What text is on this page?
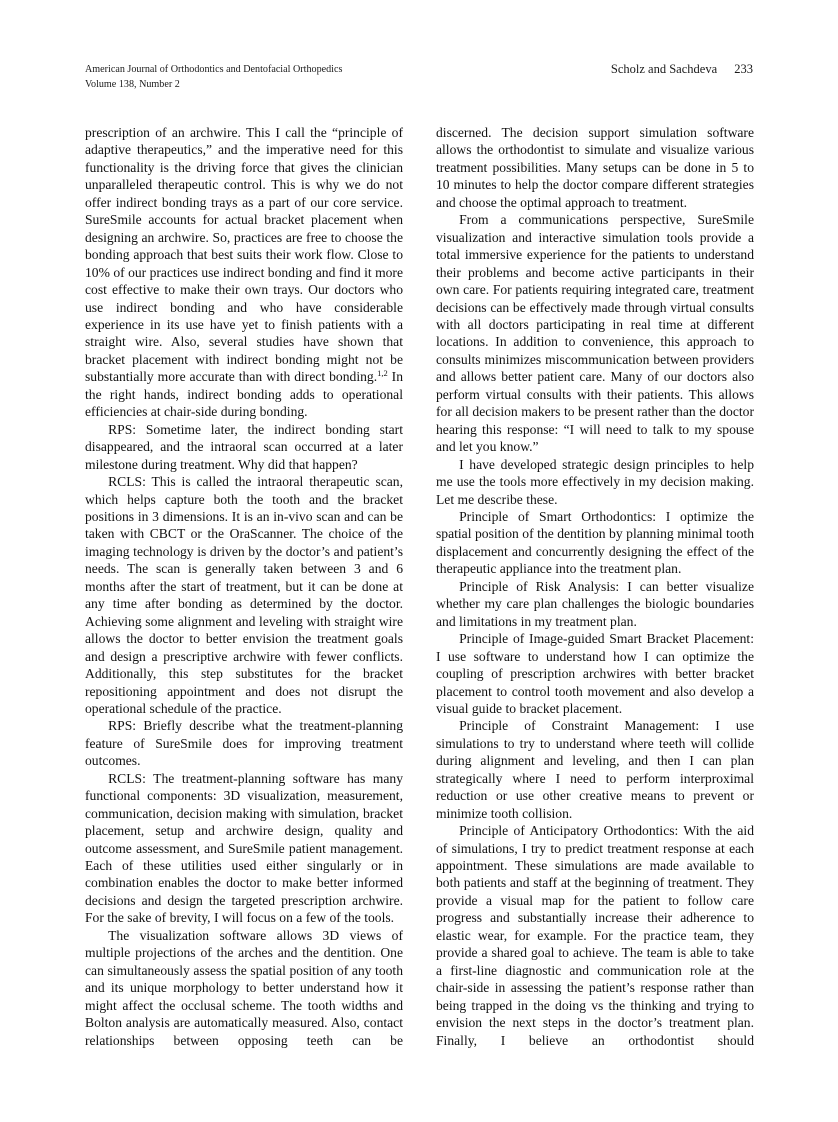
American Journal of Orthodontics and Dentofacial Orthopedics
Volume 138, Number 2
Scholz and Sachdeva 233

prescription of an archwire. This I call the “principle of adaptive therapeutics,” and the imperative need for this functionality is the driving force that gives the clinician unparalleled therapeutic control. This is why we do not offer indirect bonding trays as a part of our core service. SureSmile accounts for actual bracket placement when designing an archwire. So, practices are free to choose the bonding approach that best suits their work flow. Close to 10% of our practices use indirect bonding and find it more cost effective to make their own trays. Our doctors who use indirect bonding and who have considerable experience in its use have yet to finish patients with a straight wire. Also, several studies have shown that bracket placement with indirect bonding might not be substantially more accurate than with direct bonding.$^{1,2}$ In the right hands, indirect bonding adds to operational efficiencies at chair-side during bonding.

RPS: Sometime later, the indirect bonding start disappeared, and the intraoral scan occurred at a later milestone during treatment. Why did that happen?

RCLS: This is called the intraoral therapeutic scan, which helps capture both the tooth and the bracket positions in 3 dimensions. It is an in-vivo scan and can be taken with CBCT or the OraScanner. The choice of the imaging technology is driven by the doctor’s and patient’s needs. The scan is generally taken between 3 and 6 months after the start of treatment, but it can be done at any time after bonding as determined by the doctor. Achieving some alignment and leveling with straight wire allows the doctor to better envision the treatment goals and design a prescriptive archwire with fewer conflicts. Additionally, this step substitutes for the bracket repositioning appointment and does not disrupt the operational schedule of the practice.

RPS: Briefly describe what the treatment-planning feature of SureSmile does for improving treatment outcomes.

RCLS: The treatment-planning software has many functional components: 3D visualization, measurement, communication, decision making with simulation, bracket placement, setup and archwire design, quality and outcome assessment, and SureSmile patient management. Each of these utilities used either singularly or in combination enables the doctor to make better informed decisions and design the targeted prescription archwire. For the sake of brevity, I will focus on a few of the tools.

The visualization software allows 3D views of multiple projections of the arches and the dentition. One can simultaneously assess the spatial position of any tooth and its unique morphology to better understand how it might affect the occlusal scheme. The tooth widths and Bolton analysis are automatically measured. Also, contact relationships between opposing teeth can be

discerned. The decision support simulation software allows the orthodontist to simulate and visualize various treatment possibilities. Many setups can be done in 5 to 10 minutes to help the doctor compare different strategies and choose the optimal approach to treatment.

From a communications perspective, SureSmile visualization and interactive simulation tools provide a total immersive experience for the patients to understand their problems and become active participants in their own care. For patients requiring integrated care, treatment decisions can be effectively made through virtual consults with all doctors participating in real time at different locations. In addition to convenience, this approach to consults minimizes miscommunication between providers and allows better patient care. Many of our doctors also perform virtual consults with their patients. This allows for all decision makers to be present rather than the doctor hearing this response: “I will need to talk to my spouse and let you know.”

I have developed strategic design principles to help me use the tools more effectively in my decision making. Let me describe these.

Principle of Smart Orthodontics: I optimize the spatial position of the dentition by planning minimal tooth displacement and concurrently designing the effect of the therapeutic appliance into the treatment plan.

Principle of Risk Analysis: I can better visualize whether my care plan challenges the biologic boundaries and limitations in my treatment plan.

Principle of Image-guided Smart Bracket Placement: I use software to understand how I can optimize the coupling of prescription archwires with better bracket placement to control tooth movement and also develop a visual guide to bracket placement.

Principle of Constraint Management: I use simulations to try to understand where teeth will collide during alignment and leveling, and then I can plan strategically where I need to perform interproximal reduction or use other creative means to prevent or minimize tooth collision.

Principle of Anticipatory Orthodontics: With the aid of simulations, I try to predict treatment response at each appointment. These simulations are made available to both patients and staff at the beginning of treatment. They provide a visual map for the patient to follow care progress and substantially increase their adherence to elastic wear, for example. For the practice team, they provide a shared goal to achieve. The team is able to take a first-line diagnostic and communication role at the chair-side in assessing the patient’s response rather than being trapped in the doing vs the thinking and trying to envision the next steps in the doctor’s treatment plan. Finally, I believe an orthodontist should
